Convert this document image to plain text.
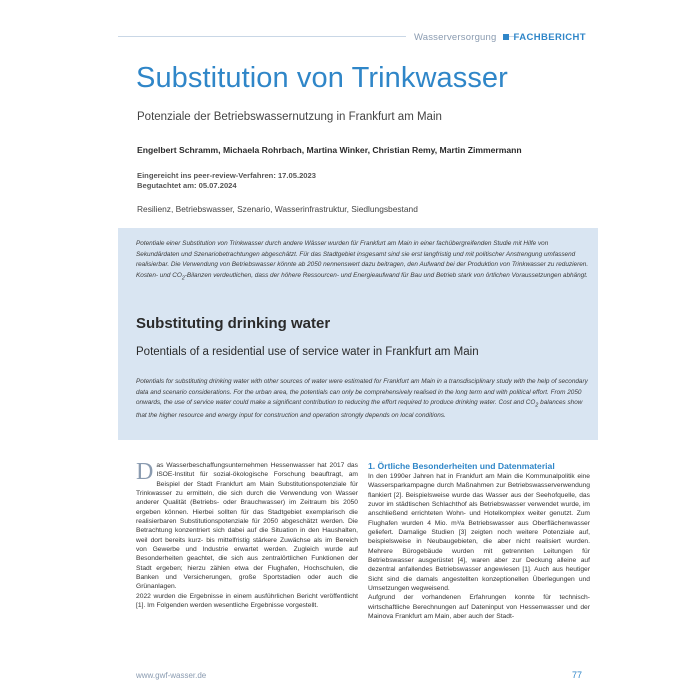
Wasserversorgung	FACHBERICHT
Substitution von Trinkwasser
Potenziale der Betriebswassernutzung in Frankfurt am Main
Engelbert Schramm, Michaela Rohrbach, Martina Winker, Christian Remy, Martin Zimmermann
Eingereicht ins peer-review-Verfahren: 17.05.2023
Begutachtet am: 05.07.2024
Resilienz, Betriebswasser, Szenario, Wasserinfrastruktur, Siedlungsbestand

Potentiale einer Substitution von Trinkwasser durch andere Wässer wurden für Frankfurt am Main in einer fachübergreifenden Studie mit Hilfe von Sekundärdaten und Szenariobetrachtungen abgeschätzt. Für das Stadtgebiet insgesamt sind sie erst langfristig und mit politischer Anstrengung umfassend realisierbar. Die Verwendung von Betriebswasser könnte ab 2050 nennenswert dazu beitragen, den Aufwand bei der Produktion von Trinkwasser zu reduzieren. Kosten- und $CO_2$-Bilanzen verdeutlichen, dass der höhere Ressourcen- und Energieaufwand für Bau und Betrieb stark von örtlichen Voraussetzungen abhängt.

Substituting drinking water
Potentials of a residential use of service water in Frankfurt am Main

Potentials for substituting drinking water with other sources of water were estimated for Frankfurt am Main in a transdisciplinary study with the help of secondary data and scenario considerations. For the urban area, the potentials can only be comprehensively realised in the long term and with political effort. From 2050 onwards, the use of service water could make a significant contribution to reducing the effort required to produce drinking water. Cost and $CO_2$ balances show that the higher resource and energy input for construction and operation strongly depends on local conditions.

Das Wasserbeschaffungsunternehmen Hessenwasser hat 2017 das ISOE-Institut für sozial-ökologische Forschung beauftragt, am Beispiel der Stadt Frankfurt am Main Substitutionspotenziale für Trinkwasser zu ermitteln, die sich durch die Verwendung von Wasser anderer Qualität (Betriebs- oder Brauchwasser) im Zeitraum bis 2050 ergeben können. Hierbei sollten für das Stadtgebiet exemplarisch die realisierbaren Substitutionspotenziale für 2050 abgeschätzt werden. Die Betrachtung konzentriert sich dabei auf die Situation in den Haushalten, weil dort bereits kurz- bis mittelfristig stärkere Zuwächse als im Bereich von Gewerbe und Industrie erwartet werden. Zugleich wurde auf Besonderheiten geachtet, die sich aus zentralörtlichen Funktionen der Stadt ergeben; hierzu zählen etwa der Flughafen, Hochschulen, die Banken und Versicherungen, große Sportstadien oder auch die Grünanlagen.

2022 wurden die Ergebnisse in einem ausführlichen Bericht veröffentlicht [1]. Im Folgenden werden wesentliche Ergebnisse vorgestellt.

1. Örtliche Besonderheiten und Datenmaterial

In den 1990er Jahren hat in Frankfurt am Main die Kommunalpolitik eine Wassersparkampagne durch Maßnahmen zur Betriebswasserverwendung flankiert [2]. Beispielsweise wurde das Wasser aus der Seehofquelle, das zuvor im städtischen Schlachthof als Betriebswasser verwendet wurde, im anschließend errichteten Wohn- und Hotelkomplex weiter genutzt. Zum Flughafen wurden 4 Mio. m³/a Betriebswasser aus Oberflächenwasser geliefert. Damalige Studien [3] zeigten noch weitere Potenziale auf, beispielsweise in Neubaugebieten, die aber nicht realisiert wurden. Mehrere Bürogebäude wurden mit getrennten Leitungen für Betriebswasser ausgerüstet [4], waren aber zur Deckung alleine auf dezentral anfallendes Betriebswasser angewiesen [1]. Auch aus heutiger Sicht sind die damals angestellten konzeptionellen Überlegungen und Umsetzungen wegweisend.

Aufgrund der vorhandenen Erfahrungen konnte für technisch-wirtschaftliche Berechnungen auf Dateninput von Hessenwasser und der Mainova Frankfurt am Main, aber auch der Stadt-

www.gwf-wasser.de	77
